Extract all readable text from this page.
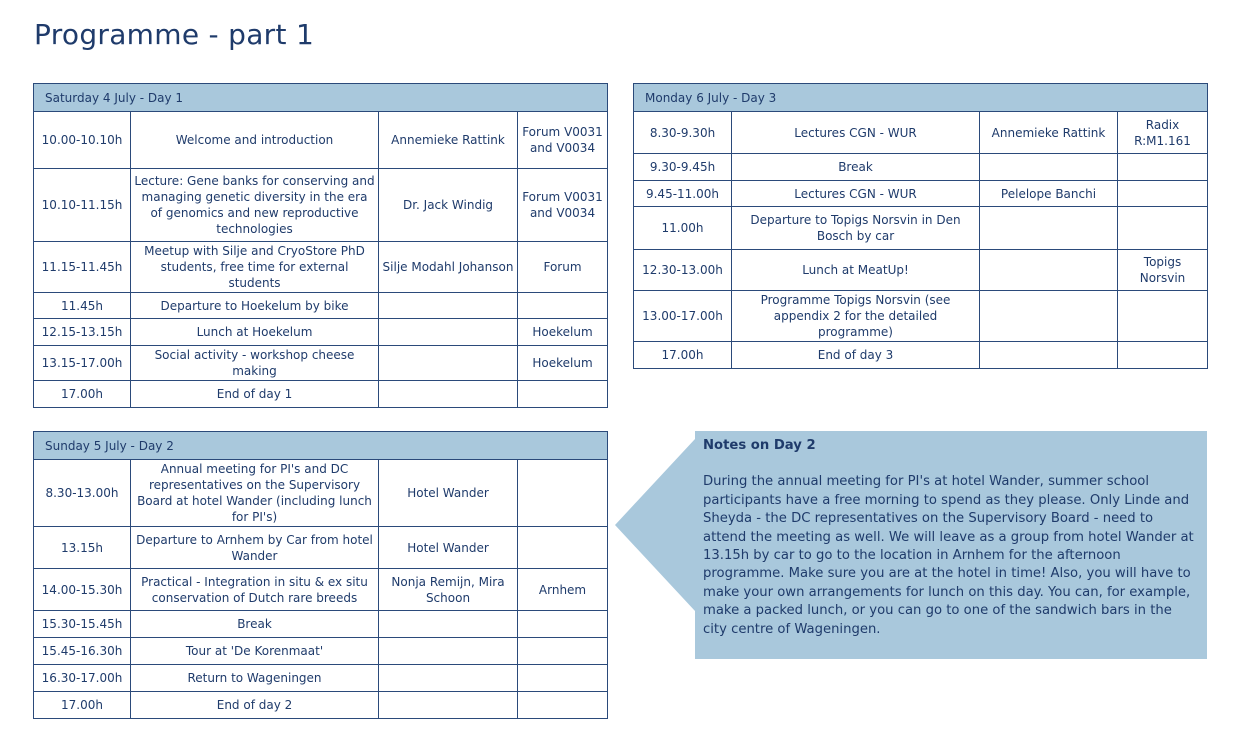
Programme - part 1
Saturday 4 July - Day 1			
10.00-10.10h	Welcome and introduction	Annemieke Rattink	Forum V0031 and V0034
10.10-11.15h	Lecture: Gene banks for conserving and managing genetic diversity in the era of genomics and new reproductive technologies	Dr. Jack Windig	Forum V0031 and V0034
11.15-11.45h	Meetup with Silje and CryoStore PhD students, free time for external students	Silje Modahl Johanson	Forum
11.45h	Departure to Hoekelum by bike		
12.15-13.15h	Lunch at Hoekelum		Hoekelum
13.15-17.00h	Social activity - workshop cheese making		Hoekelum
17.00h	End of day 1		
Monday 6 July - Day 3			
8.30-9.30h	Lectures CGN - WUR	Annemieke Rattink	Radix R:M1.161
9.30-9.45h	Break		
9.45-11.00h	Lectures CGN - WUR	Pelelope Banchi	
11.00h	Departure to Topigs Norsvin in Den Bosch by car		
12.30-13.00h	Lunch at MeatUp!		Topigs Norsvin
13.00-17.00h	Programme Topigs Norsvin (see appendix 2 for the detailed programme)		
17.00h	End of day 3		
Sunday 5 July - Day 2			
8.30-13.00h	Annual meeting for PI's and DC representatives on the Supervisory Board at hotel Wander (including lunch for PI's)	Hotel Wander	
13.15h	Departure to Arnhem by Car from hotel Wander	Hotel Wander	
14.00-15.30h	Practical - Integration in situ & ex situ conservation of Dutch rare breeds	Nonja Remijn, Mira Schoon	Arnhem
15.30-15.45h	Break		
15.45-16.30h	Tour at 'De Korenmaat'		
16.30-17.00h	Return to Wageningen		
17.00h	End of day 2		

Notes on Day 2

During the annual meeting for PI's at hotel Wander, summer school participants have a free morning to spend as they please. Only Linde and Sheyda - the DC representatives on the Supervisory Board - need to attend the meeting as well. We will leave as a group from hotel Wander at 13.15h by car to go to the location in Arnhem for the afternoon programme. Make sure you are at the hotel in time! Also, you will have to make your own arrangements for lunch on this day. You can, for example, make a packed lunch, or you can go to one of the sandwich bars in the city centre of Wageningen.
